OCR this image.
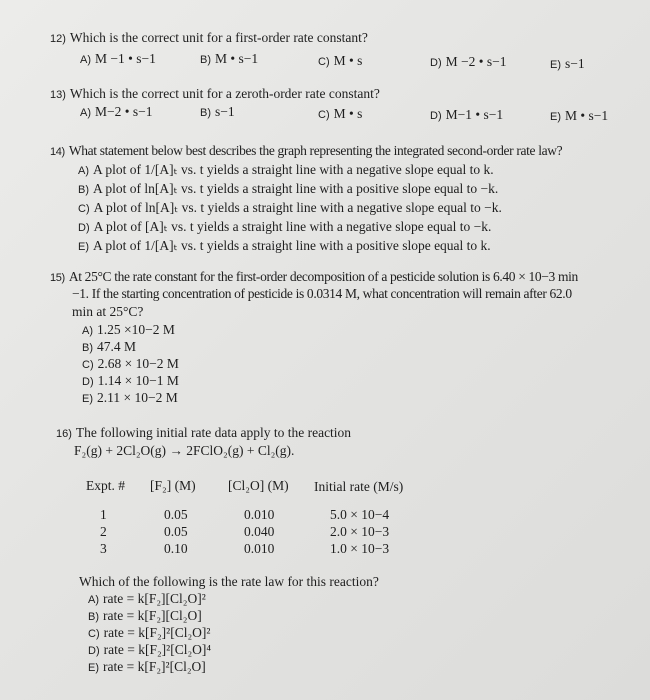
12) Which is the correct unit for a first-order rate constant?
A) M −1 • s−1	B) M • s−1	C) M • s	D) M −2 • s−1	E) s−1
13) Which is the correct unit for a zeroth-order rate constant?
A) M−2 • s−1	B) s−1	C) M • s	D) M−1 • s−1	E) M • s−1
14) What statement below best describes the graph representing the integrated second-order rate law?
A) A plot of 1/[A]ₜ vs. t yields a straight line with a negative slope equal to k.
B) A plot of ln[A]ₜ vs. t yields a straight line with a positive slope equal to −k.
C) A plot of ln[A]ₜ vs. t yields a straight line with a negative slope equal to −k.
D) A plot of [A]ₜ vs. t yields a straight line with a negative slope equal to −k.
E) A plot of 1/[A]ₜ vs. t yields a straight line with a positive slope equal to k.
15) At 25°C the rate constant for the first-order decomposition of a pesticide solution is 6.40 × 10−3 min
−1. If the starting concentration of pesticide is 0.0314 M, what concentration will remain after 62.0
min at 25°C?
A) 1.25 ×10−2 M
B) 47.4 M
C) 2.68 × 10−2 M
D) 1.14 × 10−1 M
E) 2.11 × 10−2 M
16) The following initial rate data apply to the reaction
F₂(g) + 2Cl₂O(g) → 2FClO₂(g) + Cl₂(g).
Expt. # [F₂] (M) [Cl₂O] (M) Initial rate (M/s)
1	0.05	0.010	5.0 × 10−4
2	0.05	0.040	2.0 × 10−3
3	0.10	0.010	1.0 × 10−3
Which of the following is the rate law for this reaction?
A) rate = k[F₂][Cl₂O]²
B) rate = k[F₂][Cl₂O]
C) rate = k[F₂]²[Cl₂O]²
D) rate = k[F₂]²[Cl₂O]⁴
E) rate = k[F₂]²[Cl₂O]
